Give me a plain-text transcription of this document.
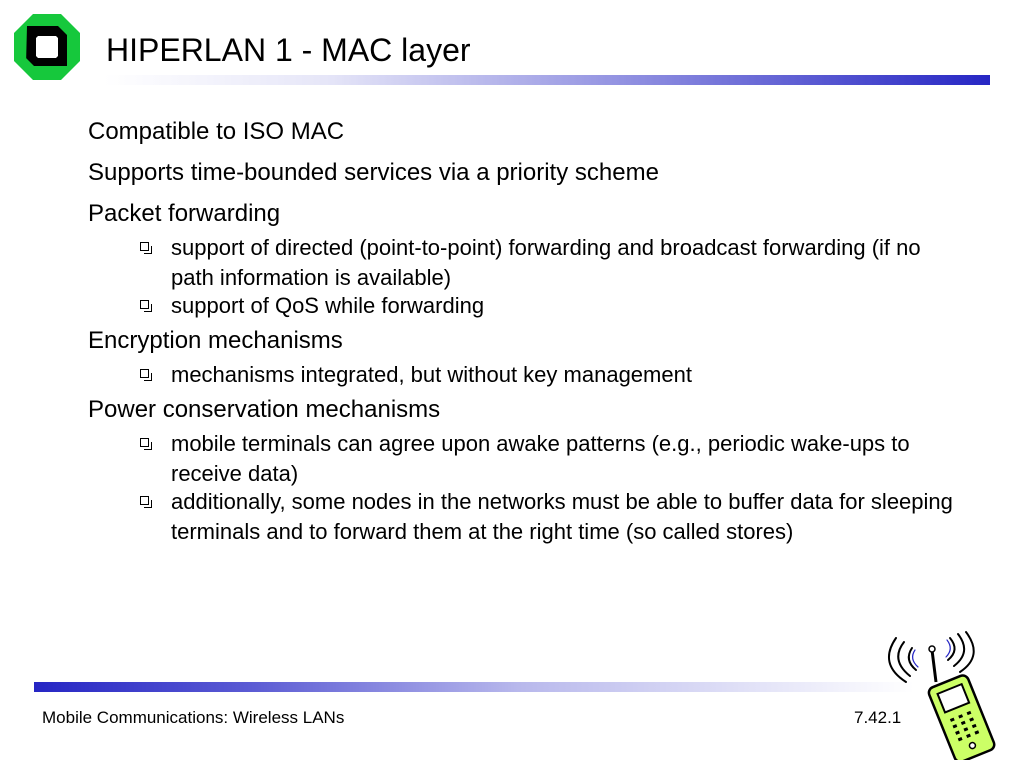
HIPERLAN 1 - MAC layer
Compatible to ISO MAC
Supports time-bounded services via a priority scheme
Packet forwarding
support of directed (point-to-point) forwarding and broadcast forwarding (if no path information is available)
support of QoS while forwarding
Encryption mechanisms
mechanisms integrated, but without key management
Power conservation mechanisms
mobile terminals can agree upon awake patterns (e.g., periodic wake-ups to receive data)
additionally, some nodes in the networks must be able to buffer data for sleeping terminals and to forward them at the right time (so called stores)
Mobile Communications: Wireless LANs	7.42.1
